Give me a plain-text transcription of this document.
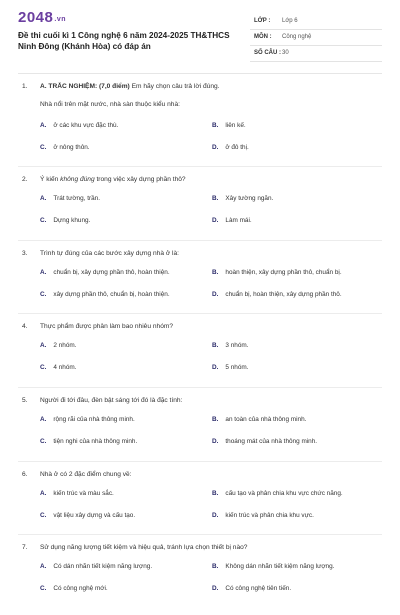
2048.vn
Đề thi cuối kì 1 Công nghệ 6 năm 2024-2025 TH&THCS Ninh Đông (Khánh Hòa) có đáp án
LỚP : Lớp 6
MÔN : Công nghệ
SỐ CÂU : 30
1. A. TRẮC NGHIỆM: (7,0 điểm) Em hãy chọn câu trả lời đúng.
Nhà nổi trên mặt nước, nhà sàn thuộc kiểu nhà:
A. ở các khu vực đặc thù.	B. liên kế.
C. ở nông thôn.	D. ở đô thị.
2. Ý kiến không đúng trong việc xây dựng phần thô?
A. Trát tường, trần.	B. Xây tường ngăn.
C. Dựng khung.	D. Làm mái.
3. Trình tự đúng của các bước xây dựng nhà ở là:
A. chuẩn bị, xây dựng phần thô, hoàn thiện.	B. hoàn thiện, xây dựng phần thô, chuẩn bị.
C. xây dựng phần thô, chuẩn bị, hoàn thiện.	D. chuẩn bị, hoàn thiện, xây dựng phần thô.
4. Thực phẩm được phân làm bao nhiêu nhóm?
A. 2 nhóm.	B. 3 nhóm.
C. 4 nhóm.	D. 5 nhóm.
5. Người đi tới đâu, đèn bật sáng tới đó là đặc tính:
A. rộng rãi của nhà thông minh.	B. an toàn của nhà thông minh.
C. tiện nghi của nhà thông minh.	D. thoáng mát của nhà thông minh.
6. Nhà ở có 2 đặc điểm chung về:
A. kiến trúc và màu sắc.	B. cấu tạo và phân chia khu vực chức năng.
C. vật liệu xây dựng và cấu tạo.	D. kiến trúc và phân chia khu vực.
7. Sử dụng năng lượng tiết kiệm và hiệu quả, tránh lựa chọn thiết bị nào?
A. Có dán nhãn tiết kiệm năng lượng.	B. Không dán nhãn tiết kiệm năng lượng.
C. Có công nghệ mới.	D. Có công nghệ tiên tiến.
